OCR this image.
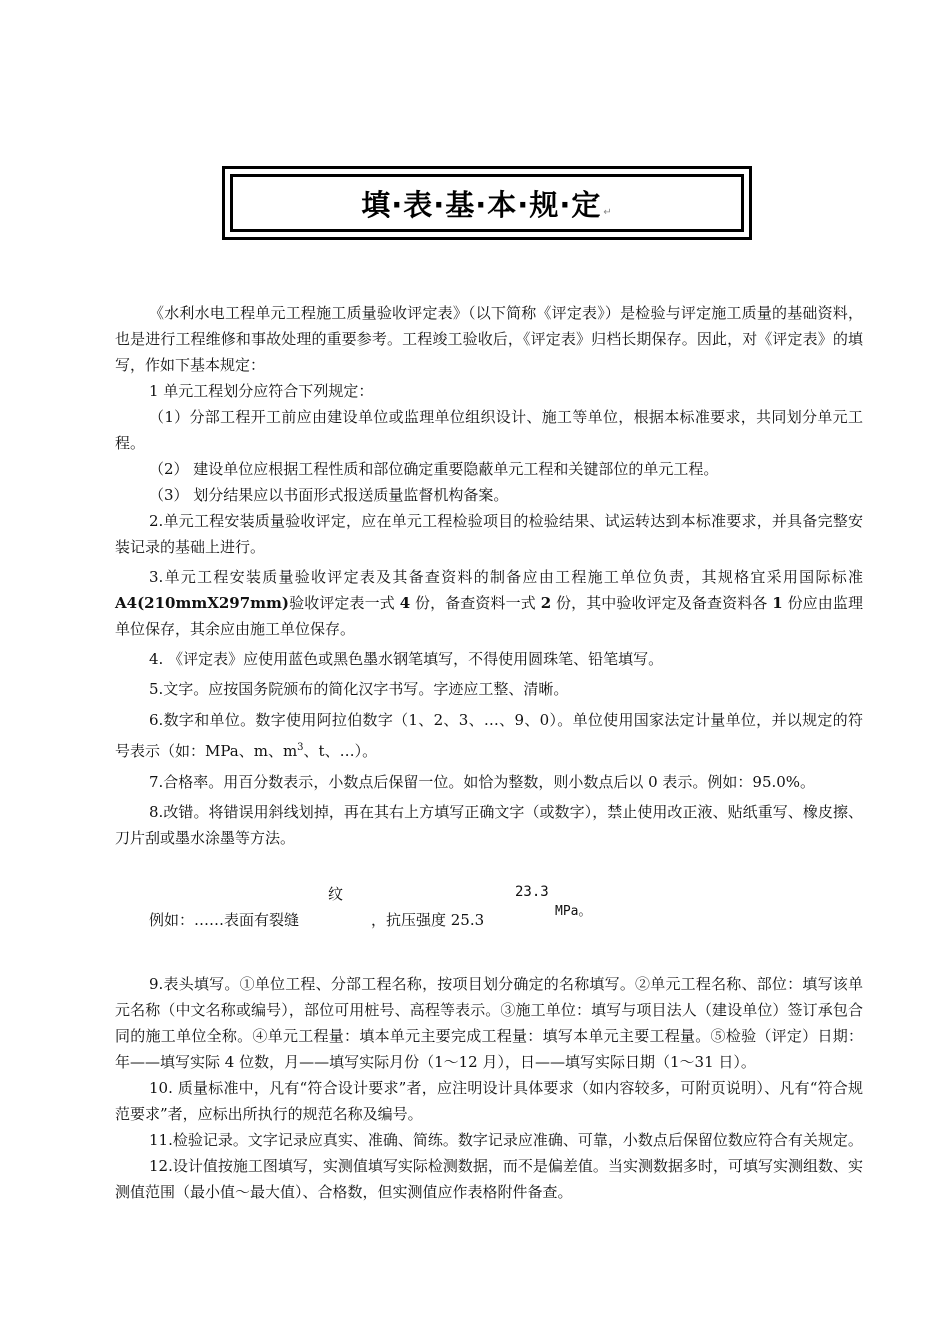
填·表·基·本·规·定 ↵

《水利水电工程单元工程施工质量验收评定表》（以下简称《评定表》）是检验与评定施工质量的基础资料，也是进行工程维修和事故处理的重要参考。工程竣工验收后，《评定表》归档长期保存。因此，对《评定表》的填写，作如下基本规定：

1 单元工程划分应符合下列规定：

（1）分部工程开工前应由建设单位或监理单位组织设计、施工等单位，根据本标准要求，共同划分单元工程。

（2） 建设单位应根据工程性质和部位确定重要隐蔽单元工程和关键部位的单元工程。

（3） 划分结果应以书面形式报送质量监督机构备案。

2.单元工程安装质量验收评定，应在单元工程检验项目的检验结果、试运转达到本标准要求，并具备完整安装记录的基础上进行。

3.单元工程安装质量验收评定表及其备查资料的制备应由工程施工单位负责，其规格宜采用国际标准 A4(210mmX297mm)验收评定表一式 4 份，备查资料一式 2 份，其中验收评定及备查资料各 1 份应由监理单位保存，其余应由施工单位保存。

4. 《评定表》应使用蓝色或黑色墨水钢笔填写，不得使用圆珠笔、铅笔填写。

5.文字。应按国务院颁布的简化汉字书写。字迹应工整、清晰。

6.数字和单位。数字使用阿拉伯数字（1、2、3、…、9、0）。单位使用国家法定计量单位，并以规定的符号表示（如：MPa、m、$m^3$、t、…）。

7.合格率。用百分数表示，小数点后保留一位。如恰为整数，则小数点后以 0 表示。例如：95.0%。

8.改错。将错误用斜线划掉，再在其右上方填写正确文字（或数字），禁止使用改正液、贴纸重写、橡皮擦、刀片刮或墨水涂墨等方法。

纹	23.3
例如：……表面有裂缝	，抗压强度 25.3	MPa。

9.表头填写。①单位工程、分部工程名称，按项目划分确定的名称填写。②单元工程名称、部位：填写该单元名称（中文名称或编号），部位可用桩号、高程等表示。③施工单位：填写与项目法人（建设单位）签订承包合同的施工单位全称。④单元工程量：填本单元主要完成工程量：填写本单元主要工程量。⑤检验（评定）日期：年——填写实际 4 位数，月——填写实际月份（1～12 月），日——填写实际日期（1～31 日）。

10. 质量标准中，凡有“符合设计要求”者，应注明设计具体要求（如内容较多，可附页说明）、凡有“符合规范要求”者，应标出所执行的规范名称及编号。

11.检验记录。文字记录应真实、准确、简练。数字记录应准确、可靠，小数点后保留位数应符合有关规定。

12.设计值按施工图填写，实测值填写实际检测数据，而不是偏差值。当实测数据多时，可填写实测组数、实测值范围（最小值～最大值）、合格数，但实测值应作表格附件备查。
